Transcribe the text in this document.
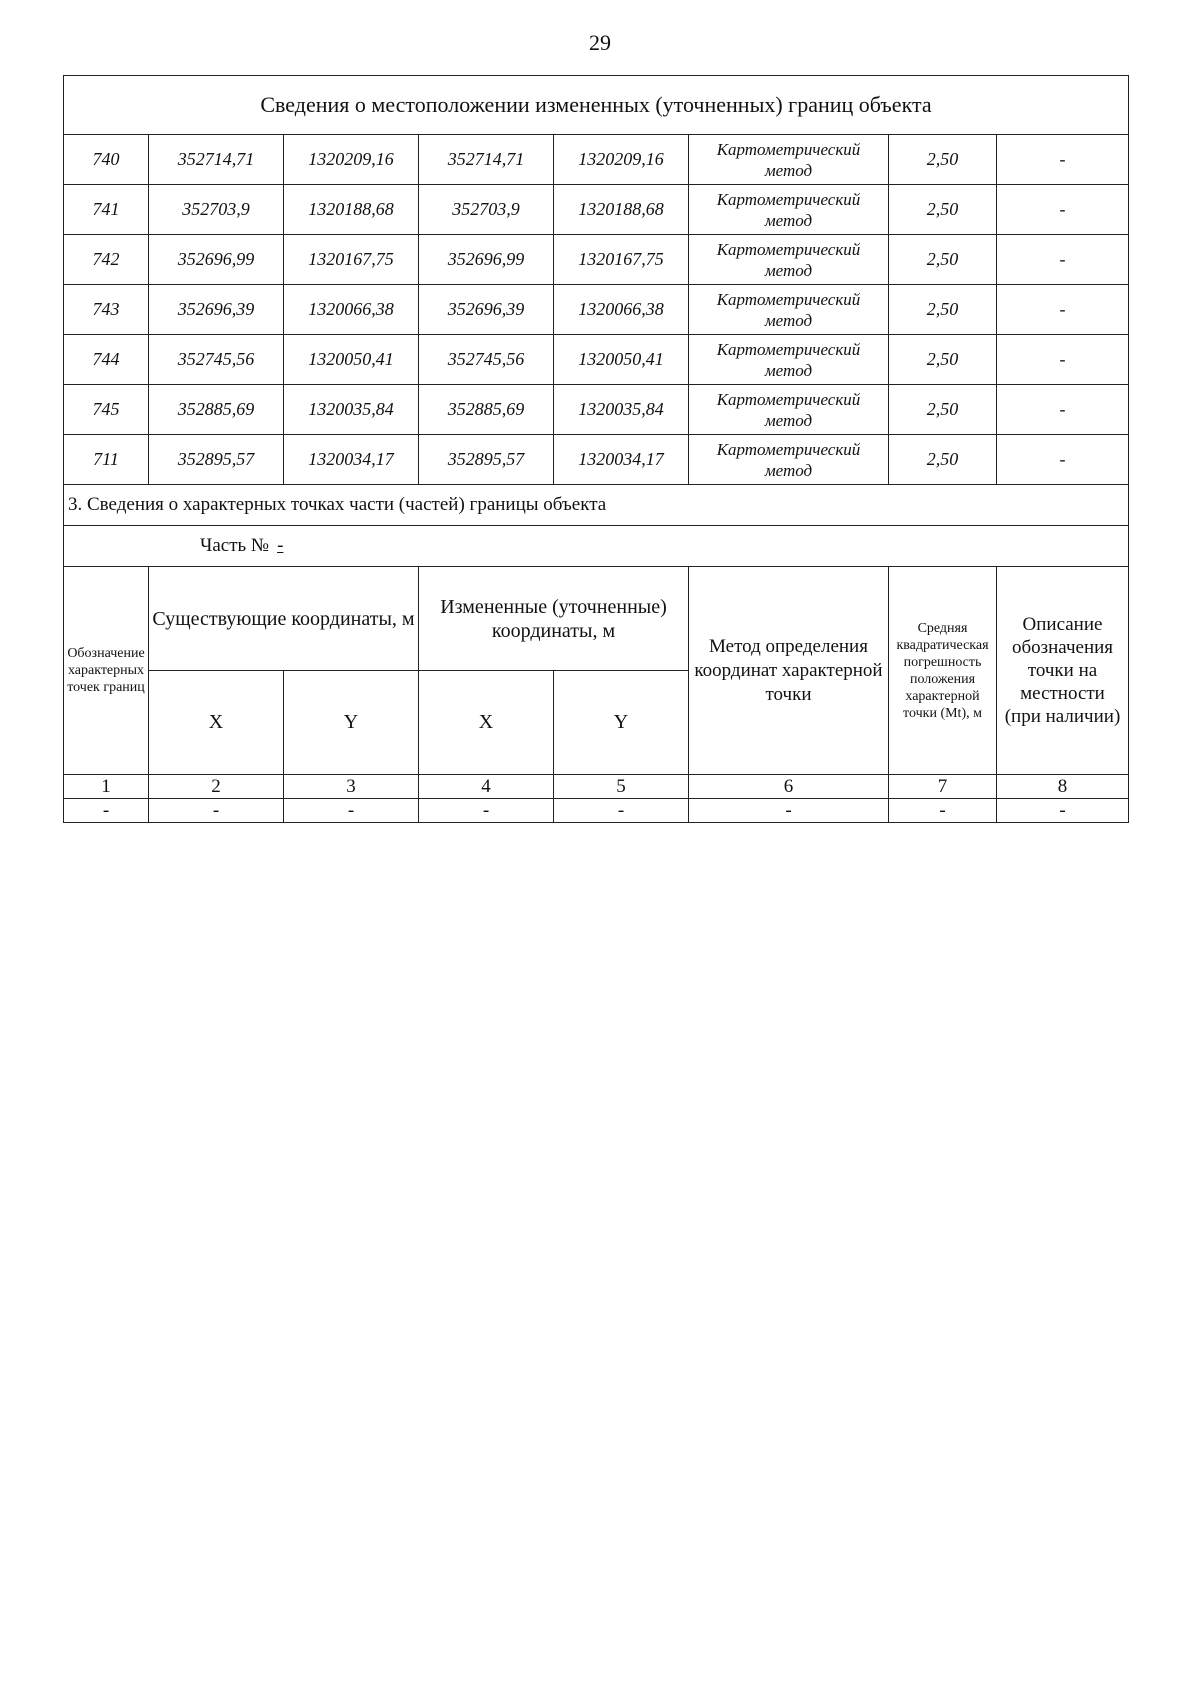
29
Сведения о местоположении измененных (уточненных) границ объекта							
740	352714,71	1320209,16	352714,71	1320209,16	Картометрический метод	2,50	-
741	352703,9	1320188,68	352703,9	1320188,68	Картометрический метод	2,50	-
742	352696,99	1320167,75	352696,99	1320167,75	Картометрический метод	2,50	-
743	352696,39	1320066,38	352696,39	1320066,38	Картометрический метод	2,50	-
744	352745,56	1320050,41	352745,56	1320050,41	Картометрический метод	2,50	-
745	352885,69	1320035,84	352885,69	1320035,84	Картометрический метод	2,50	-
711	352895,57	1320034,17	352895,57	1320034,17	Картометрический метод	2,50	-
3. Сведения о характерных точках части (частей) границы объекта							
Часть № -							
Обозначение характерных точек границ	Существующие координаты, м		Измененные (уточненные) координаты, м		Метод определения координат характерной точки	Средняя квадратическая погрешность положения характерной точки (Mt), м	Описание обозначения точки на местности (при наличии)
	X	Y	X	Y			
1	2	3	4	5	6	7	8
-	-	-	-	-	-	-	-
